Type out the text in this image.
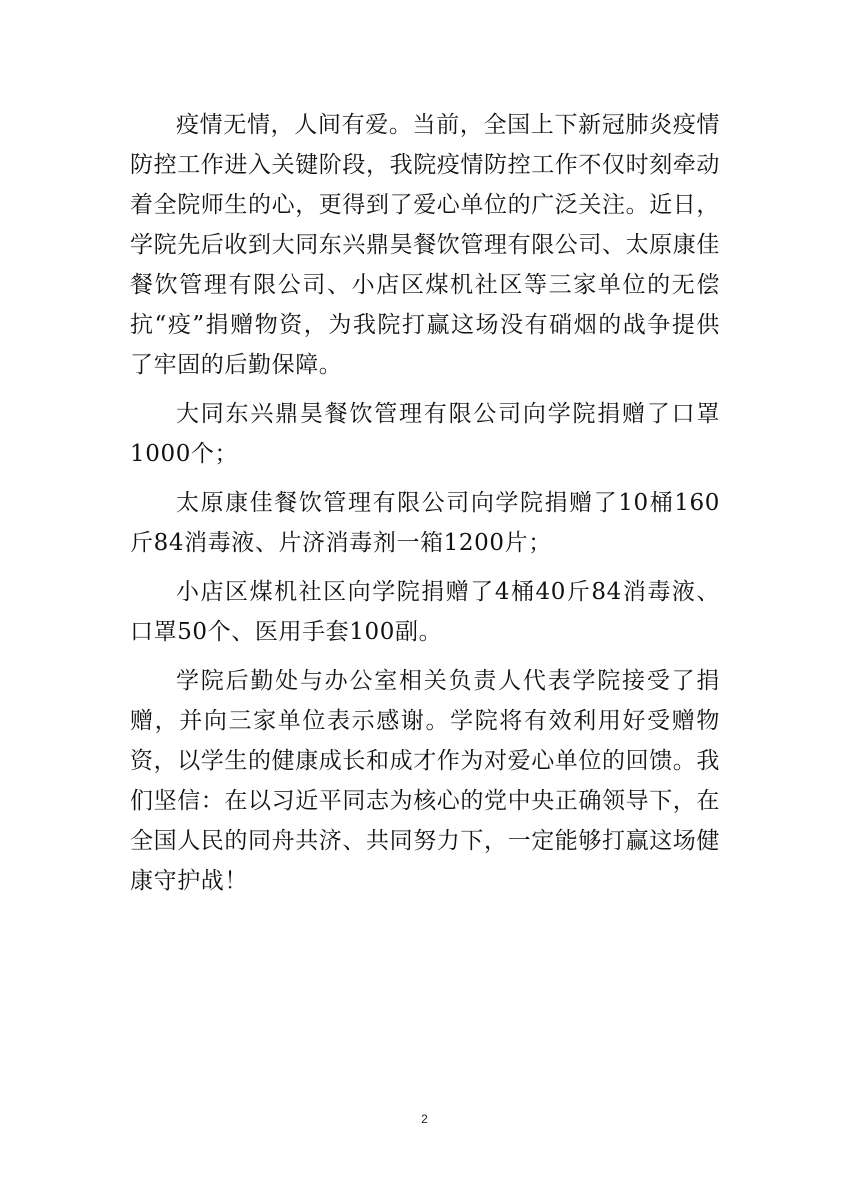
疫情无情，人间有爱。当前，全国上下新冠肺炎疫情防控工作进入关键阶段，我院疫情防控工作不仅时刻牵动着全院师生的心，更得到了爱心单位的广泛关注。近日，学院先后收到大同东兴鼎昊餐饮管理有限公司、太原康佳餐饮管理有限公司、小店区煤机社区等三家单位的无偿抗“疫”捐赠物资，为我院打赢这场没有硝烟的战争提供了牢固的后勤保障。

大同东兴鼎昊餐饮管理有限公司向学院捐赠了口罩1000个；

太原康佳餐饮管理有限公司向学院捐赠了10桶160斤84消毒液、片济消毒剂一箱1200片；

小店区煤机社区向学院捐赠了4桶40斤84消毒液、口罩50个、医用手套100副。

学院后勤处与办公室相关负责人代表学院接受了捐赠，并向三家单位表示感谢。学院将有效利用好受赠物资，以学生的健康成长和成才作为对爱心单位的回馈。我们坚信：在以习近平同志为核心的党中央正确领导下，在全国人民的同舟共济、共同努力下，一定能够打赢这场健康守护战！

2
